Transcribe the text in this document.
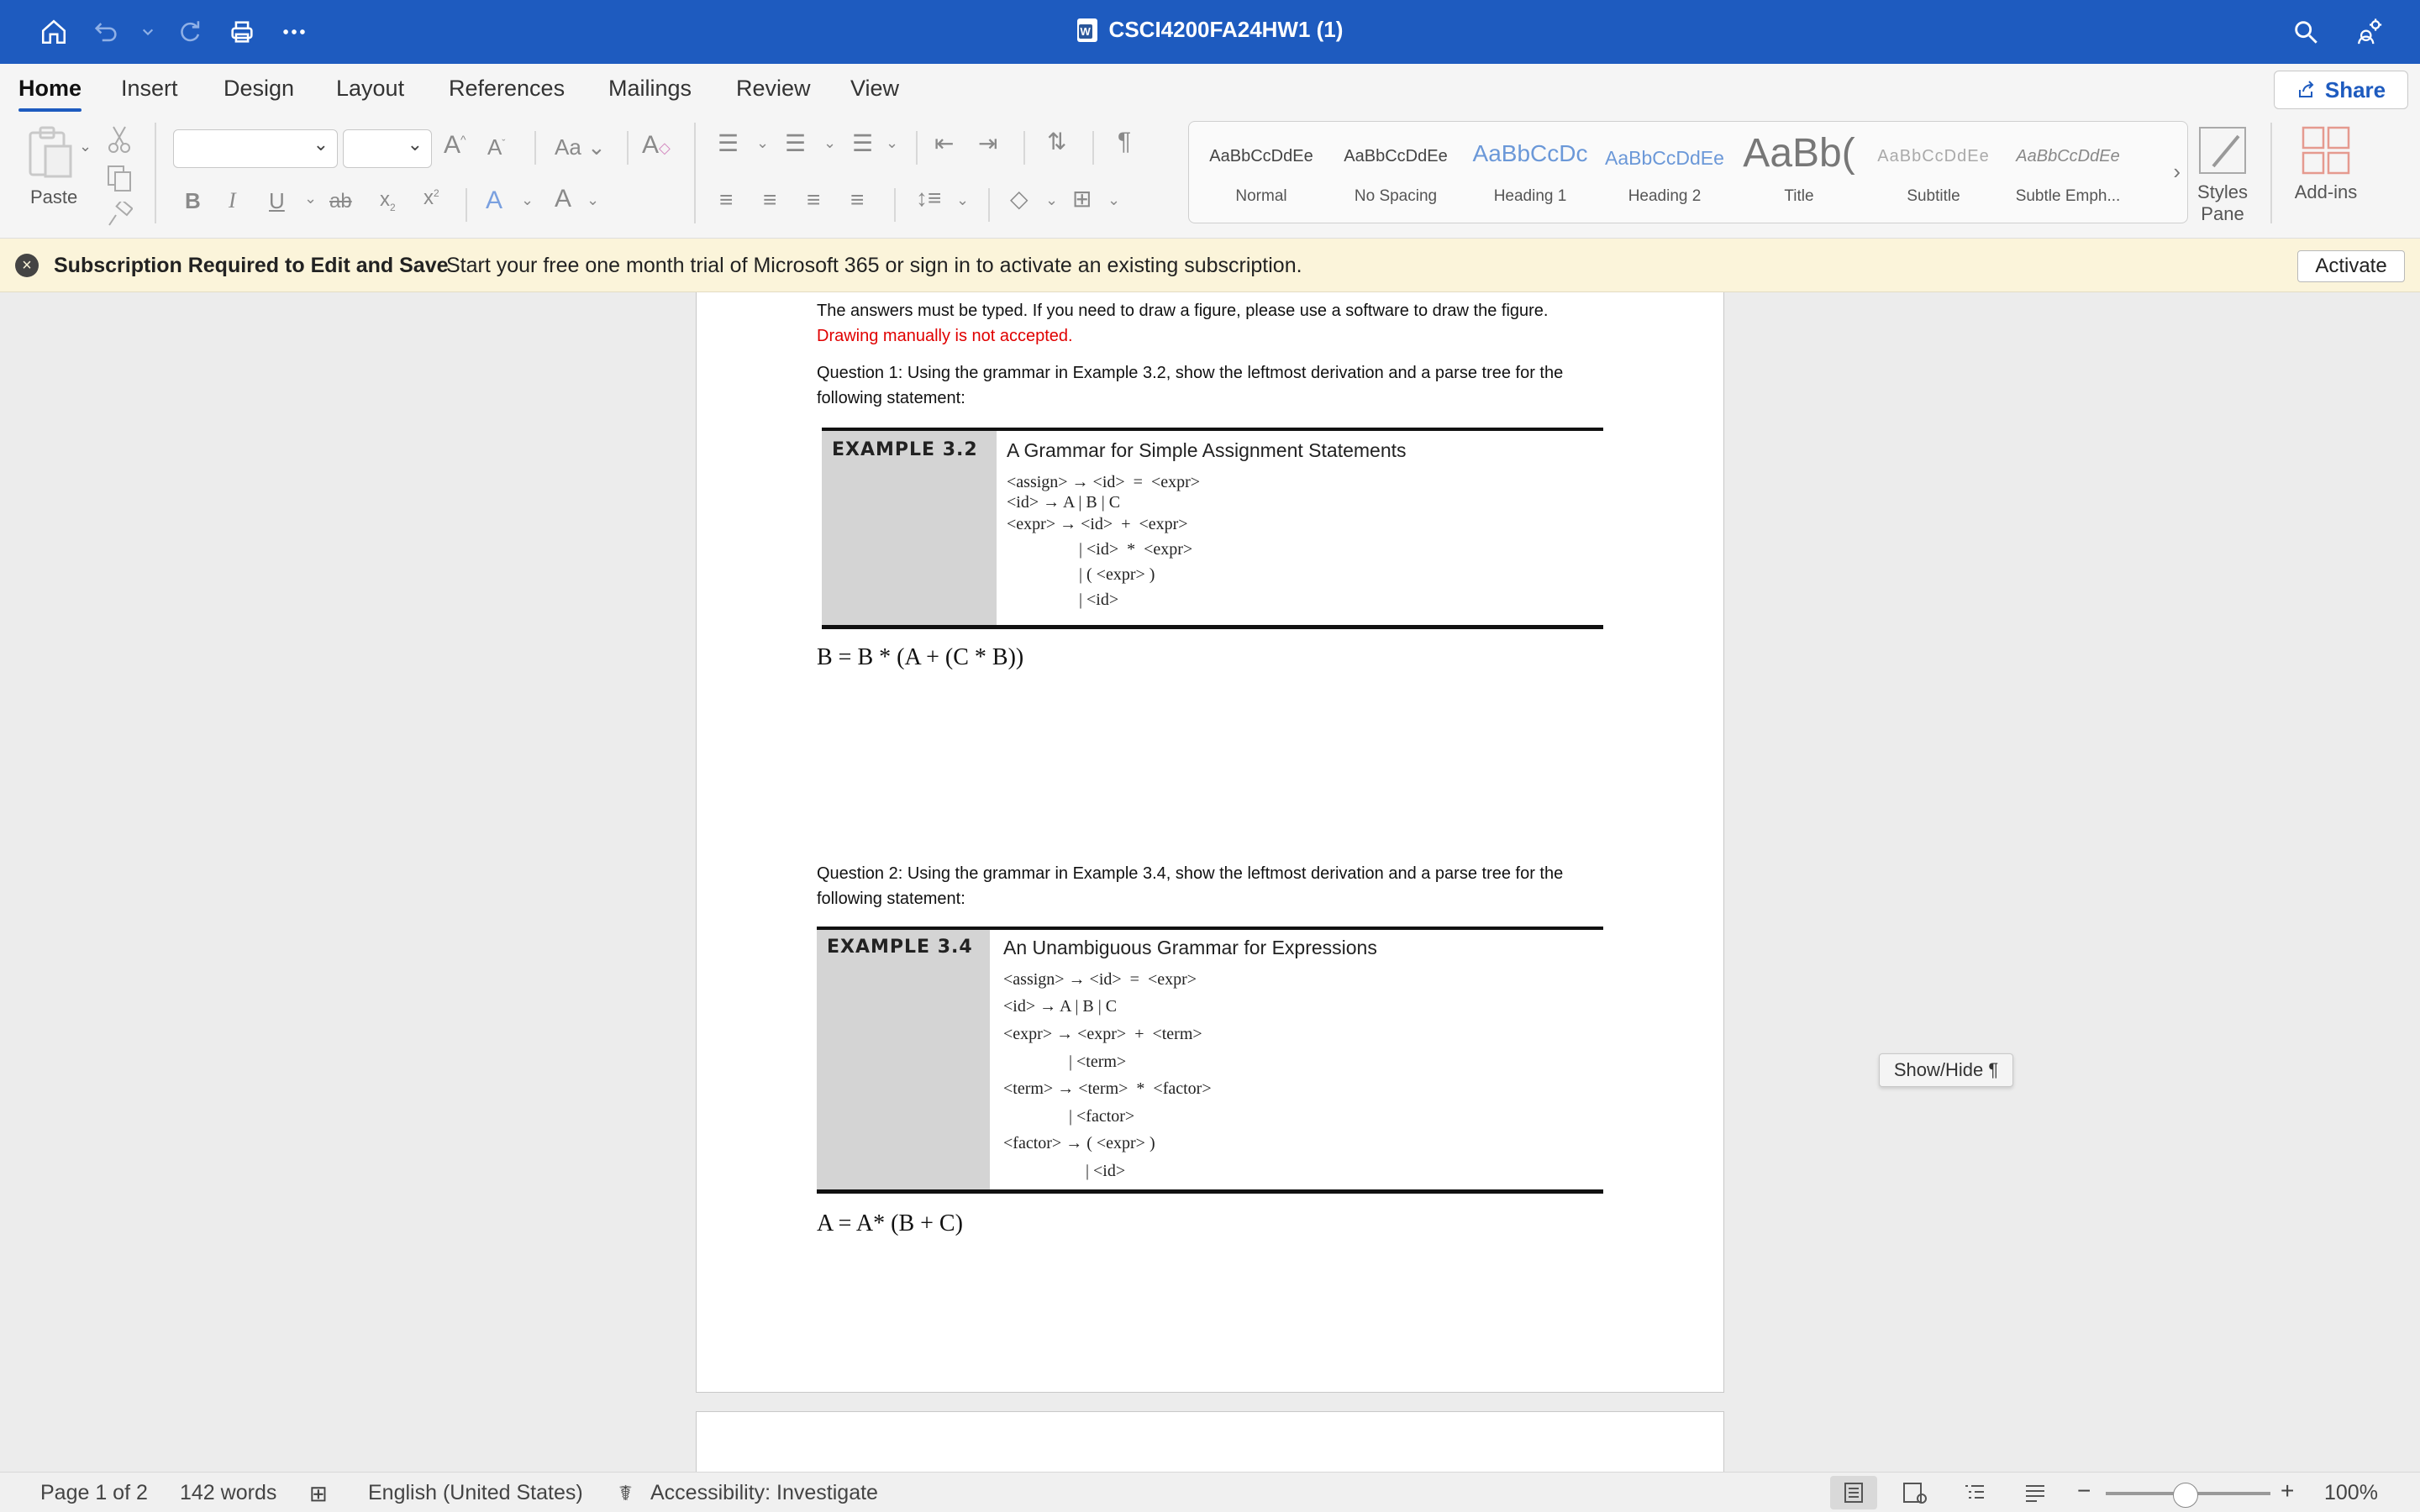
W
CSCI4200FA24HW1 (1)
Home Insert Design Layout References Mailings Review View	Share
⌄
Paste
⌄
⌄
A^ $A^ˇ$ Aa ⌄ A◇
B I U ⌄ ab $x_2$ $x^2$ A ⌄ A ⌄
☰ ⌄ ☰ ⌄ ☰ ⌄ ⇤ ⇥ ⇅ ¶
≡ ≡ ≡ ≡ ↕≡ ⌄ ◇ ⌄ ⊞ ⌄
AaBbCcDdEe
Normal
AaBbCcDdEe
No Spacing
AaBbCcDc
Heading 1
AaBbCcDdEe
Heading 2
AaBb(
Title
AaBbCcDdEe
Subtitle
AaBbCcDdEe
Subtle Emph...
›
Styles
Pane
Add-ins
×	Subscription Required to Edit and Save
Start your free one month trial of Microsoft 365 or sign in to activate an existing subscription.	Activate
The answers must be typed. If you need to draw a figure, please use a software to draw the figure.
Drawing manually is not accepted.
Question 1: Using the grammar in Example 3.2, show the leftmost derivation and a parse tree for the
following statement:
EXAMPLE 3.2 A Grammar for Simple Assignment Statements
<assign> → <id>  =  <expr>
<id> → A | B | C
<expr> → <id>  +  <expr>
| <id>  *  <expr>
| ( <expr> )
| <id>
B = B * (A + (C * B))
Question 2: Using the grammar in Example 3.4, show the leftmost derivation and a parse tree for the
following statement:
EXAMPLE 3.4 An Unambiguous Grammar for Expressions
<assign> → <id>  =  <expr>
<id> → A | B | C
<expr> → <expr>  +  <term>
| <term>
<term> → <term>  *  <factor>
| <factor>
<factor> → ( <expr> )
| <id>
A = A* (B + C)
Show/Hide ¶
Page 1 of 2 142 words ⊞ English (United States) ☤ Accessibility: Investigate	−	+ 100%
